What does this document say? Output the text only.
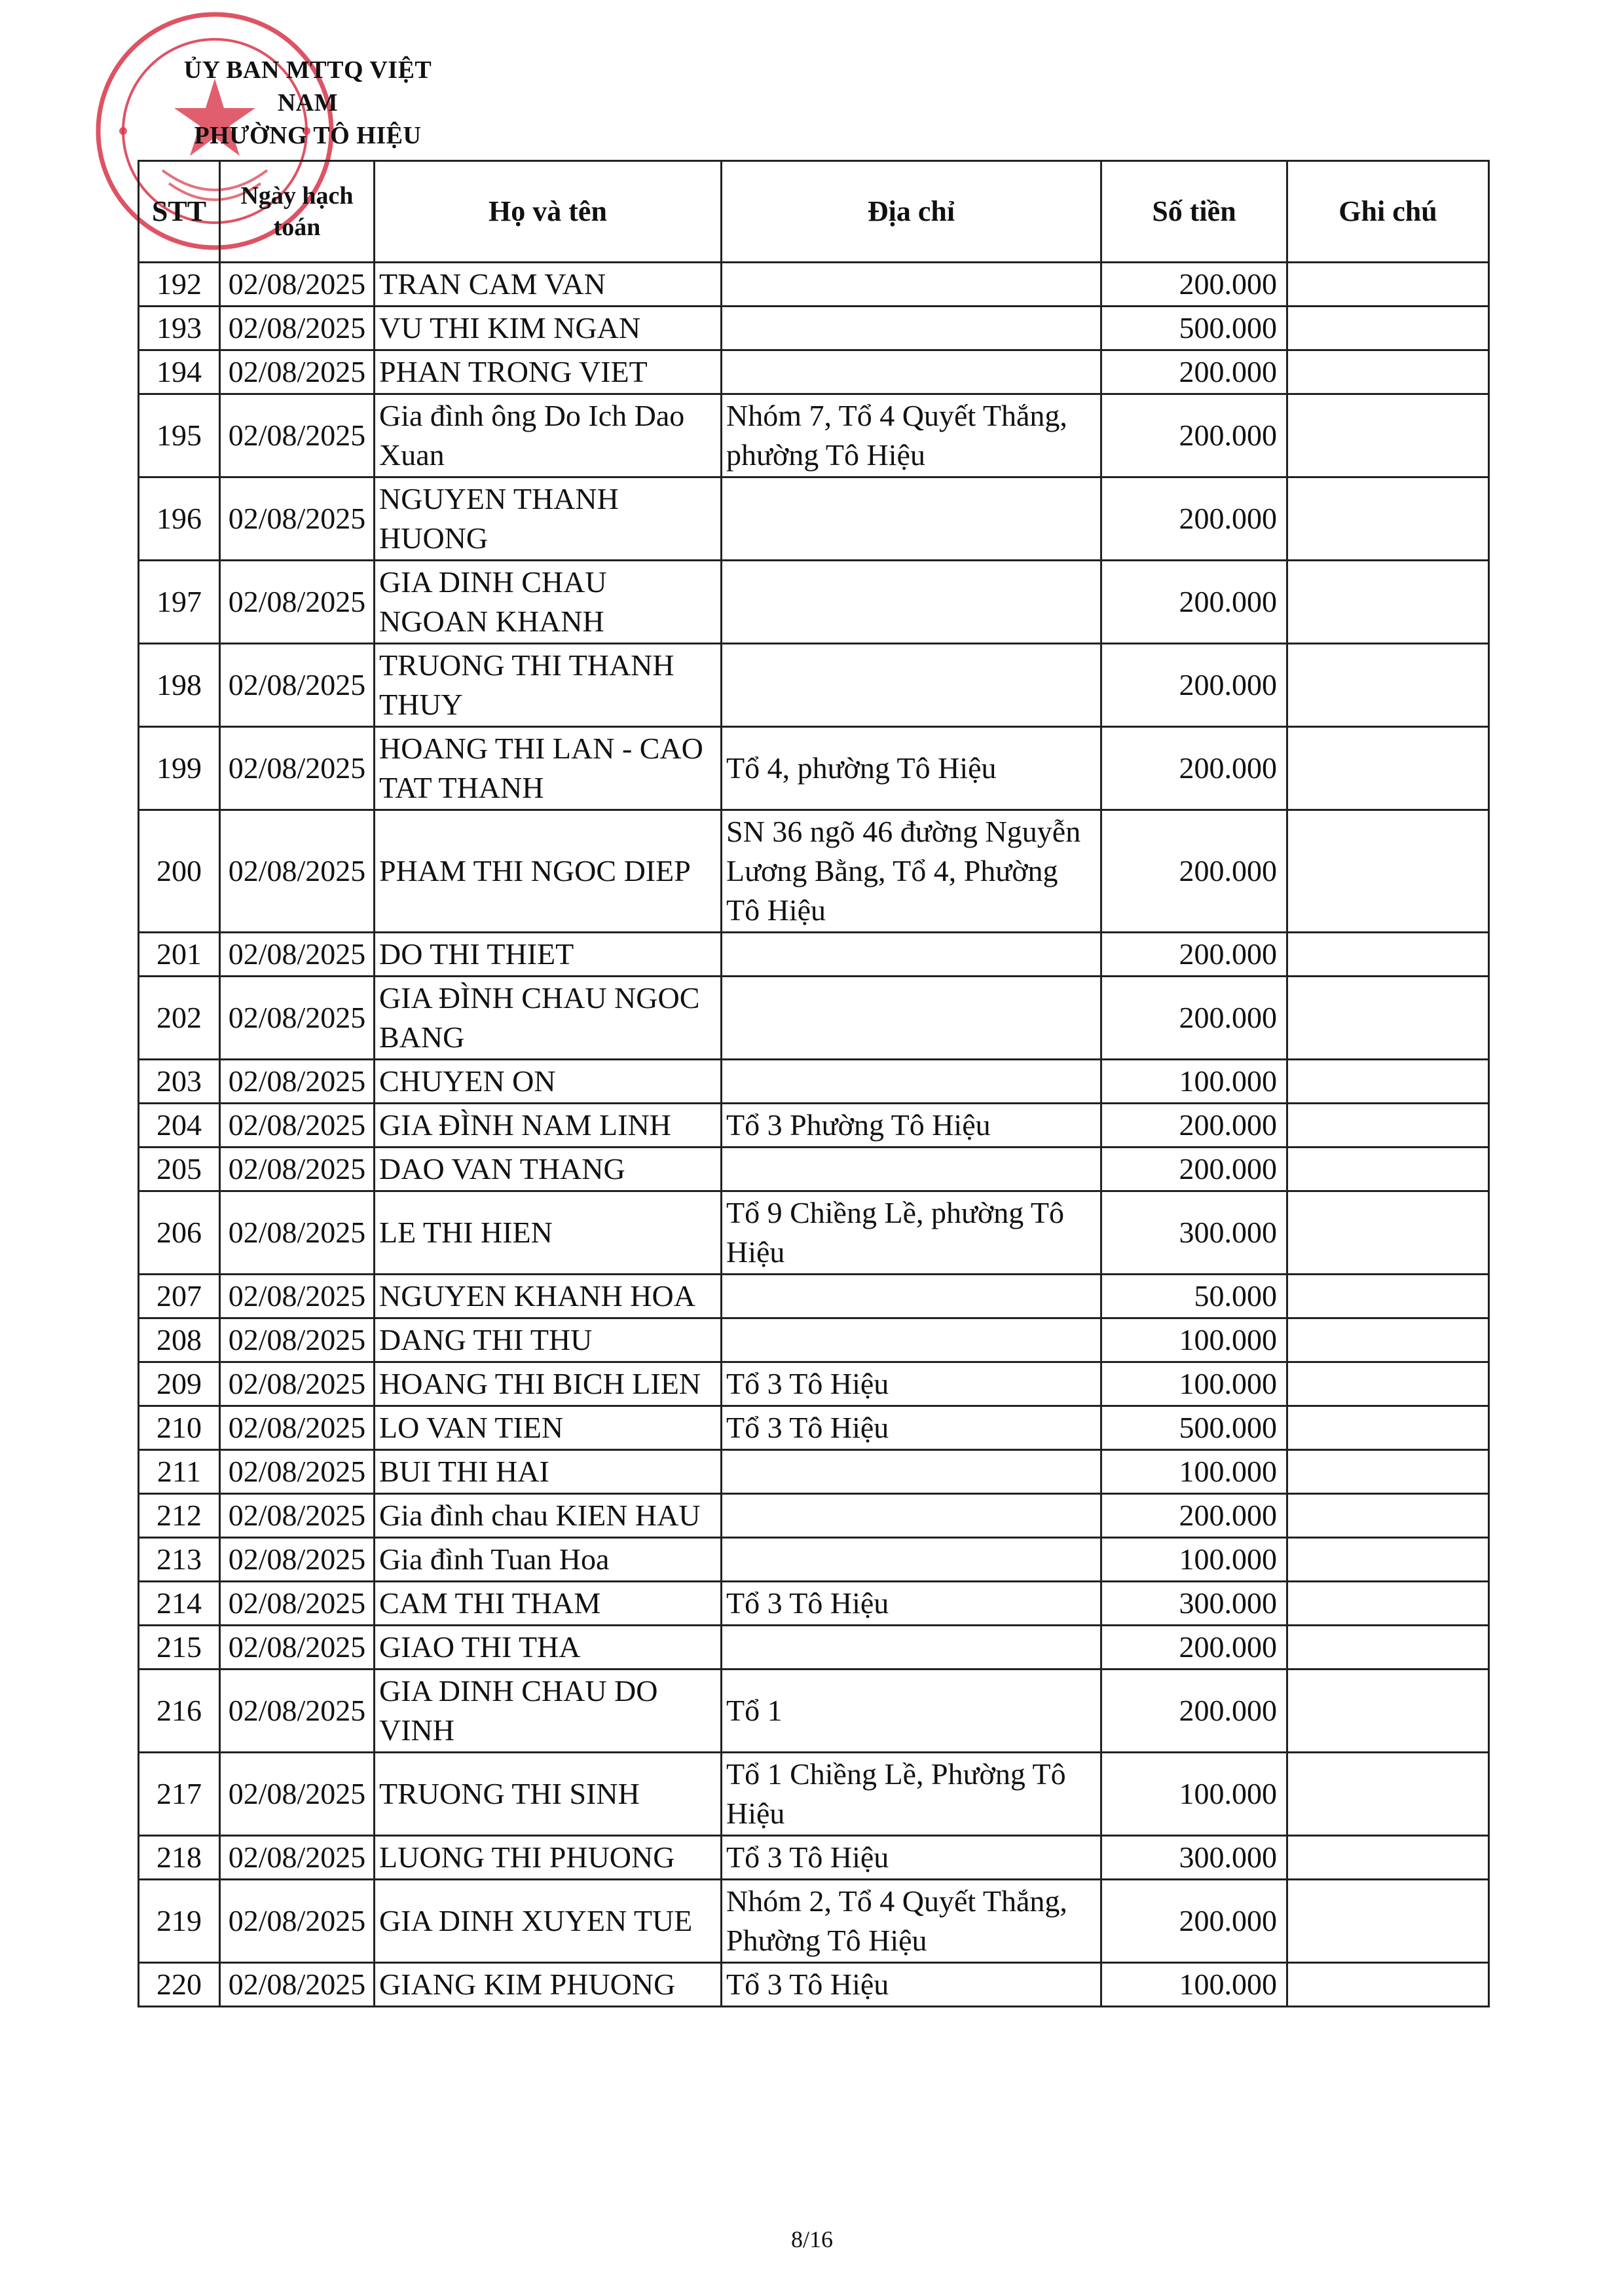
ỦY BAN MTTQ VIỆT NAM
PHƯỜNG TÔ HIỆU
STT	Ngày hạch toán	Họ và tên	Địa chỉ	Số tiền	Ghi chú
192	02/08/2025	TRAN CAM VAN		200.000	
193	02/08/2025	VU THI KIM NGAN		500.000	
194	02/08/2025	PHAN TRONG VIET		200.000	
195	02/08/2025	Gia đình ông Do Ich Dao Xuan	Nhóm 7, Tổ 4 Quyết Thắng, phường Tô Hiệu	200.000	
196	02/08/2025	NGUYEN THANH HUONG		200.000	
197	02/08/2025	GIA DINH CHAU NGOAN KHANH		200.000	
198	02/08/2025	TRUONG THI THANH THUY		200.000	
199	02/08/2025	HOANG THI LAN - CAO TAT THANH	Tổ 4, phường Tô Hiệu	200.000	
200	02/08/2025	PHAM THI NGOC DIEP	SN 36 ngõ 46 đường Nguyễn Lương Bằng, Tổ 4, Phường Tô Hiệu	200.000	
201	02/08/2025	DO THI THIET		200.000	
202	02/08/2025	GIA ĐÌNH CHAU NGOC BANG		200.000	
203	02/08/2025	CHUYEN ON		100.000	
204	02/08/2025	GIA ĐÌNH NAM LINH	Tổ 3 Phường Tô Hiệu	200.000	
205	02/08/2025	DAO VAN THANG		200.000	
206	02/08/2025	LE THI HIEN	Tổ 9 Chiềng Lề, phường Tô Hiệu	300.000	
207	02/08/2025	NGUYEN KHANH HOA		50.000	
208	02/08/2025	DANG THI THU		100.000	
209	02/08/2025	HOANG THI BICH LIEN	Tổ 3 Tô Hiệu	100.000	
210	02/08/2025	LO VAN TIEN	Tổ 3 Tô Hiệu	500.000	
211	02/08/2025	BUI THI HAI		100.000	
212	02/08/2025	Gia đình chau KIEN HAU		200.000	
213	02/08/2025	Gia đình Tuan Hoa		100.000	
214	02/08/2025	CAM THI THAM	Tổ 3 Tô Hiệu	300.000	
215	02/08/2025	GIAO THI THA		200.000	
216	02/08/2025	GIA DINH CHAU DO VINH	Tổ 1	200.000	
217	02/08/2025	TRUONG THI SINH	Tổ 1 Chiềng Lề, Phường Tô Hiệu	100.000	
218	02/08/2025	LUONG THI PHUONG	Tổ 3 Tô Hiệu	300.000	
219	02/08/2025	GIA DINH XUYEN TUE	Nhóm 2, Tổ 4 Quyết Thắng, Phường Tô Hiệu	200.000	
220	02/08/2025	GIANG KIM PHUONG	Tổ 3 Tô Hiệu	100.000	
8/16
